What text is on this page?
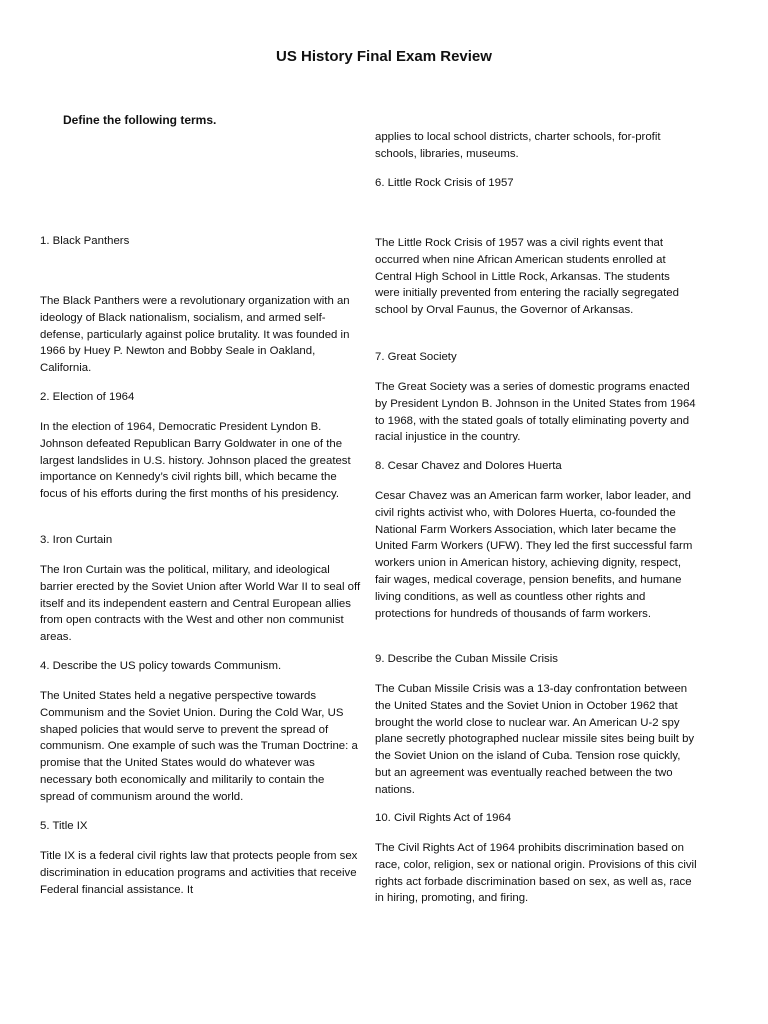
US History Final Exam Review
Define the following terms.
1. Black Panthers

The Black Panthers were a revolutionary organization with an ideology of Black nationalism, socialism, and armed self-defense, particularly against police brutality. It was founded in 1966 by Huey P. Newton and Bobby Seale in Oakland, California.

2. Election of 1964

In the election of 1964, Democratic President Lyndon B. Johnson defeated Republican Barry Goldwater in one of the largest landslides in U.S. history. Johnson placed the greatest importance on Kennedy’s civil rights bill, which became the focus of his efforts during the first months of his presidency.

3. Iron Curtain

The Iron Curtain was the political, military, and ideological barrier erected by the Soviet Union after World War II to seal off itself and its independent eastern and Central European allies from open contracts with the West and other non communist areas.

4. Describe the US policy towards Communism.

The United States held a negative perspective towards Communism and the Soviet Union. During the Cold War, US shaped policies that would serve to prevent the spread of communism. One example of such was the Truman Doctrine: a promise that the United States would do whatever was necessary both economically and militarily to contain the spread of communism around the world.

5. Title IX

Title IX is a federal civil rights law that protects people from sex discrimination in education programs and activities that receive Federal financial assistance. It

applies to local school districts, charter schools, for-profit schools, libraries, museums.

6. Little Rock Crisis of 1957

The Little Rock Crisis of 1957 was a civil rights event that occurred when nine African American students enrolled at Central High School in Little Rock, Arkansas. The students were initially prevented from entering the racially segregated school by Orval Faunus, the Governor of Arkansas.

7. Great Society

The Great Society was a series of domestic programs enacted by President Lyndon B. Johnson in the United States from 1964 to 1968, with the stated goals of totally eliminating poverty and racial injustice in the country.

8. Cesar Chavez and Dolores Huerta

Cesar Chavez was an American farm worker, labor leader, and civil rights activist who, with Dolores Huerta, co-founded the National Farm Workers Association, which later became the United Farm Workers (UFW). They led the first successful farm workers union in American history, achieving dignity, respect, fair wages, medical coverage, pension benefits, and humane living conditions, as well as countless other rights and protections for hundreds of thousands of farm workers.

9. Describe the Cuban Missile Crisis

The Cuban Missile Crisis was a 13-day confrontation between the United States and the Soviet Union in October 1962 that brought the world close to nuclear war. An American U-2 spy plane secretly photographed nuclear missile sites being built by the Soviet Union on the island of Cuba. Tension rose quickly, but an agreement was eventually reached between the two nations.

10. Civil Rights Act of 1964

The Civil Rights Act of 1964 prohibits discrimination based on race, color, religion, sex or national origin. Provisions of this civil rights act forbade discrimination based on sex, as well as, race in hiring, promoting, and firing.
